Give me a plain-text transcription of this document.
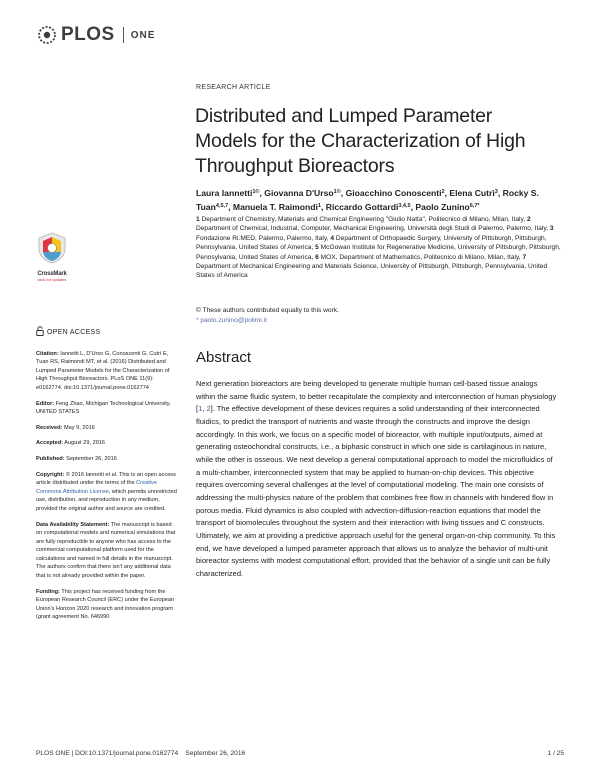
PLOS ONE
RESEARCH ARTICLE
Distributed and Lumped Parameter Models for the Characterization of High Throughput Bioreactors
Laura Iannetti$^{1©}$, Giovanna D'Urso$^{1©}$, Gioacchino Conoscenti$^2$, Elena Cutrì$^3$, Rocky S. Tuan$^{4,5,7}$, Manuela T. Raimondi$^1$, Riccardo Gottardi$^{3,4,5}$, Paolo Zunino$^{6,7*}$
1 Department of Chemistry, Materials and Chemical Engineering "Giulio Natta", Politecnico di Milano, Milan, Italy, 2 Department of Chemical, Industrial, Computer, Mechanical Engineering, Università degli Studi di Palermo, Palermo, Italy, 3 Fondazione Ri.MED, Palermo, Palermo, Italy, 4 Department of Orthopaedic Surgery, University of Pittsburgh, Pittsburgh, Pennsylvania, United States of America, 5 McGowan Institute for Regenerative Medicine, University of Pittsburgh, Pittsburgh, Pennsylvania, United States of America, 6 MOX, Department of Mathematics, Politecnico di Milano, Milan, Italy, 7 Department of Mechanical Engineering and Materials Science, University of Pittsburgh, Pittsburgh, Pennsylvania, United States of America
© These authors contributed equally to this work.
* paolo.zunino@polimi.it
Abstract

Next generation bioreactors are being developed to generate multiple human cell-based tissue analogs within the same fluidic system, to better recapitulate the complexity and interconnection of human physiology [1, 2]. The effective development of these devices requires a solid understanding of their interconnected fluidics, to predict the transport of nutrients and waste through the constructs and improve the design accordingly. In this work, we focus on a specific model of bioreactor, with multiple input/outputs, aimed at generating osteochondral constructs, i.e., a biphasic construct in which one side is cartilaginous in nature, while the other is osseous. We next develop a general computational approach to model the microfluidics of a multi-chamber, interconnected system that may be applied to human-on-chip devices. This objective requires overcoming several challenges at the level of computational modeling. The main one consists of addressing the multi-physics nature of the problem that combines free flow in channels with hindered flow in porous media. Fluid dynamics is also coupled with advection-diffusion-reaction equations that model the transport of biomolecules throughout the system and their interaction with living tissues and C constructs. Ultimately, we aim at providing a predictive approach useful for the general organ-on-chip community. To this end, we have developed a lumped parameter approach that allows us to analyze the behavior of multi-unit bioreactor systems with modest computational effort, provided that the behavior of a single unit can be fully characterized.

CrossMark
click for updates
OPEN ACCESS
Citation: Iannetti L, D'Urso G, Conoscenti G, Cutrì E, Tuan RS, Raimondi MT, et al. (2016) Distributed and Lumped Parameter Models for the Characterization of High Throughput Bioreactors. PLoS ONE 11(9): e0162774. doi:10.1371/journal.pone.0162774
Editor: Feng Zhao, Michigan Technological University, UNITED STATES
Received: May 9, 2016
Accepted: August 29, 2016
Published: September 26, 2016
Copyright: © 2016 Iannetti et al. This is an open access article distributed under the terms of the Creative Commons Attribution License, which permits unrestricted use, distribution, and reproduction in any medium, provided the original author and source are credited.
Data Availability Statement: The manuscript is based on computational models and numerical simulations that are fully reproducible to anyone who has access to the commercial computational platform used for the calculations and named in full details in the manuscript. The authors confirm that there isn't any additional data that is not already provided within the paper.
Funding: This project has received funding from the European Research Council (ERC) under the European Union's Horizon 2020 research and innovation program (grant agreement No. 646990
PLOS ONE | DOI:10.1371/journal.pone.0162774    September 26, 2016	1 / 25
